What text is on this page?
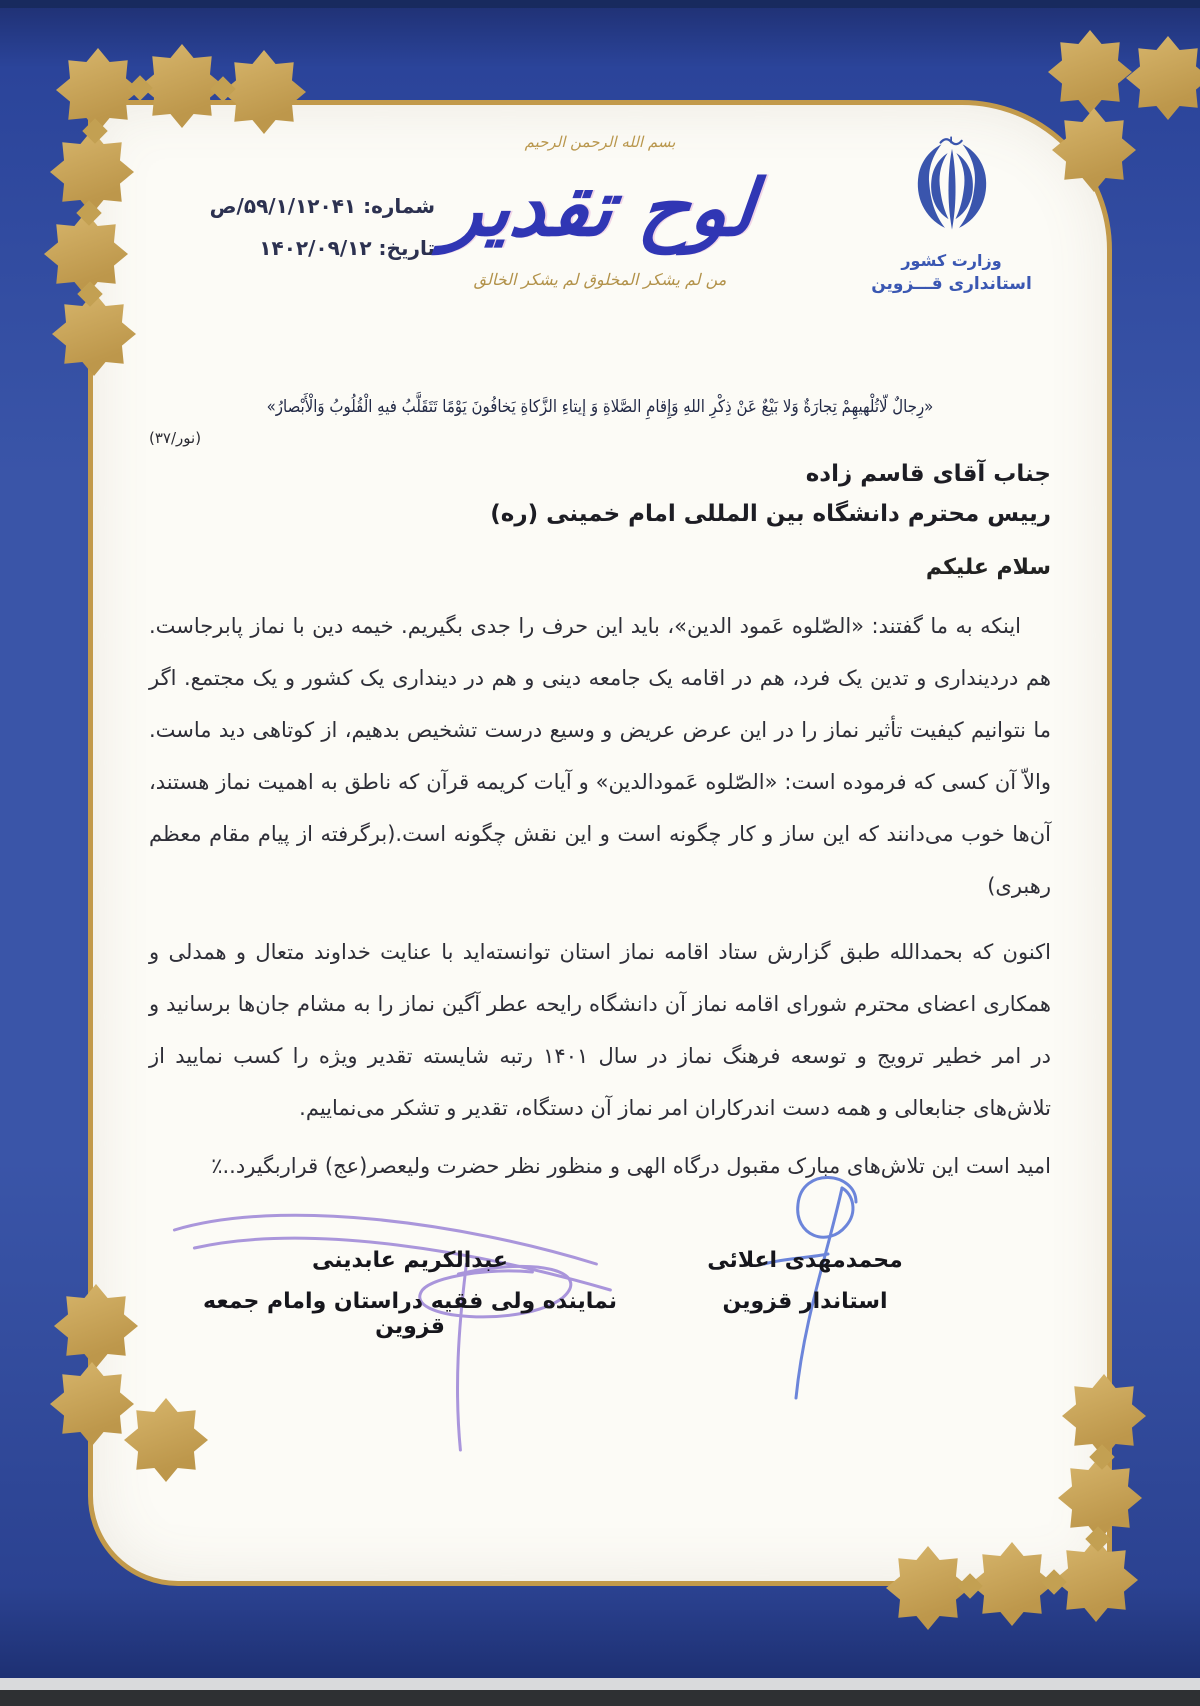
شماره: ۵۹/۱/۱۲۰۴۱/ص
تاریخ: ۱۴۰۲/۰۹/۱۲
بسم الله الرحمن الرحیم
لوح تقدیر
من لم یشکر المخلوق لم یشکر الخالق
وزارت کشور
استانداری قـــزوین
«رِجالٌ لّاتُلْهیهِمْ تِجارَةٌ وَلا بَیْعٌ عَنْ ذِکْرِ اللهِ وَإِقامِ الصَّلاةِ وَ إیتاءِ الزَّکاةِ یَخافُونَ یَوْمًا تَتَقَلَّبُ فیهِ الْقُلُوبُ وَالْأَبْصارُ»
(نور/۳۷)
جناب آقای قاسم زاده
رییس محترم دانشگاه بین المللی امام خمینی (ره)
سلام علیکم

اینکه به ما گفتند: «الصّلوه عَمود الدین»، باید این حرف را جدی بگیریم. خیمه دین با نماز پابرجاست. هم دردینداری و تدین یک فرد، هم در اقامه یک جامعه دینی و هم در دینداری یک کشور و یک مجتمع. اگر ما نتوانیم کیفیت تأثیر نماز را در این عرض عریض و وسیع درست تشخیص بدهیم، از کوتاهی دید ماست. والاّ آن کسی که فرموده است: «الصّلوه عَمودالدین» و آیات کریمه قرآن که ناطق به اهمیت نماز هستند، آن‌ها خوب می‌دانند که این ساز و کار چگونه است و این نقش چگونه است.(برگرفته از پیام مقام معظم رهبری)

اکنون که بحمدالله طبق گزارش ستاد اقامه نماز استان توانسته‌اید با عنایت خداوند متعال و همدلی و همکاری اعضای محترم شورای اقامه نماز آن دانشگاه رایحه عطر آگین نماز را به مشام جان‌ها برسانید و در امر خطیر ترویج و توسعه فرهنگ نماز در سال ۱۴۰۱ رتبه شایسته تقدیر ویژه را کسب نمایید از تلاش‌های جنابعالی و همه دست اندرکاران امر نماز آن دستگاه، تقدیر و تشکر می‌نماییم.

امید است این تلاش‌های مبارک مقبول درگاه الهی و منظور نظر حضرت ولیعصر(عج) قراربگیرد..٪

محمدمهدی اعلائی
استاندار قزوین
عبدالکریم عابدینی
نماینده ولی فقیه دراستان وامام جمعه قزوین
